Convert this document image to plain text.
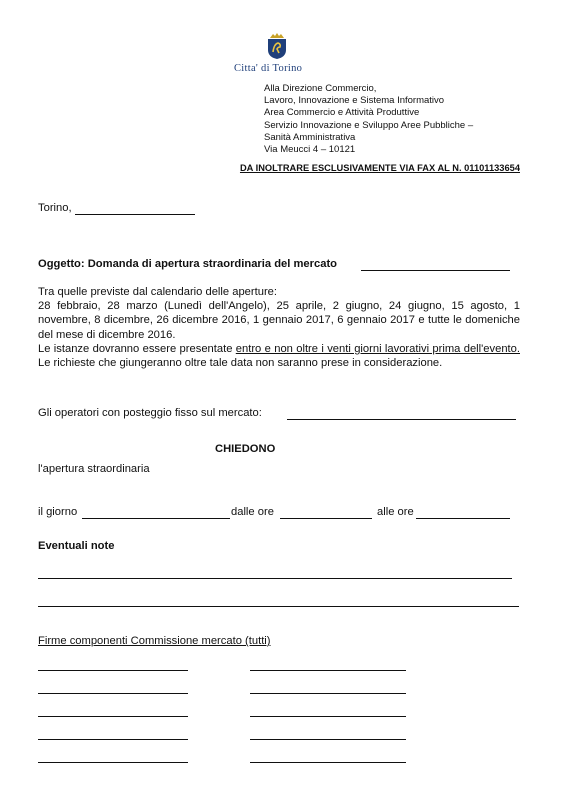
Citta' di Torino
Alla Direzione Commercio,
Lavoro, Innovazione e Sistema Informativo
Area Commercio e Attività Produttive
Servizio Innovazione e Sviluppo Aree Pubbliche –
Sanità Amministrativa
Via Meucci 4 – 10121
DA INOLTRARE ESCLUSIVAMENTE VIA FAX AL N. 01101133654
Torino,
Oggetto: Domanda di apertura straordinaria del mercato

Tra quelle previste dal calendario delle aperture:

28 febbraio, 28 marzo (Lunedì dell'Angelo), 25 aprile, 2 giugno, 24 giugno, 15 agosto, 1 novembre, 8 dicembre, 26 dicembre 2016, 1 gennaio 2017, 6 gennaio 2017 e tutte le domeniche del mese di dicembre 2016.

Le istanze dovranno essere presentate entro e non oltre i venti giorni lavorativi prima dell'evento. Le richieste che giungeranno oltre tale data non saranno prese in considerazione.

Gli operatori con posteggio fisso sul mercato:
CHIEDONO
l'apertura straordinaria
il giorno	dalle ore	alle ore
Eventuali note
Firme componenti Commissione mercato (tutti)
